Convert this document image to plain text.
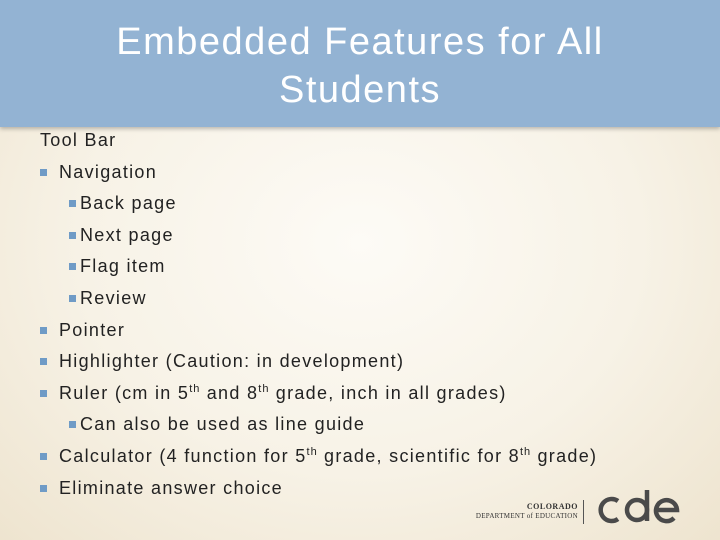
Embedded Features for All
Students
Tool Bar
Navigation
Back page
Next page
Flag item
Review
Pointer
Highlighter (Caution: in development)
Ruler (cm in 5th and 8th grade, inch in all grades)
Can also be used as line guide
Calculator (4 function for 5th grade, scientific for 8th grade)
Eliminate answer choice
COLORADO
DEPARTMENT of EDUCATION
